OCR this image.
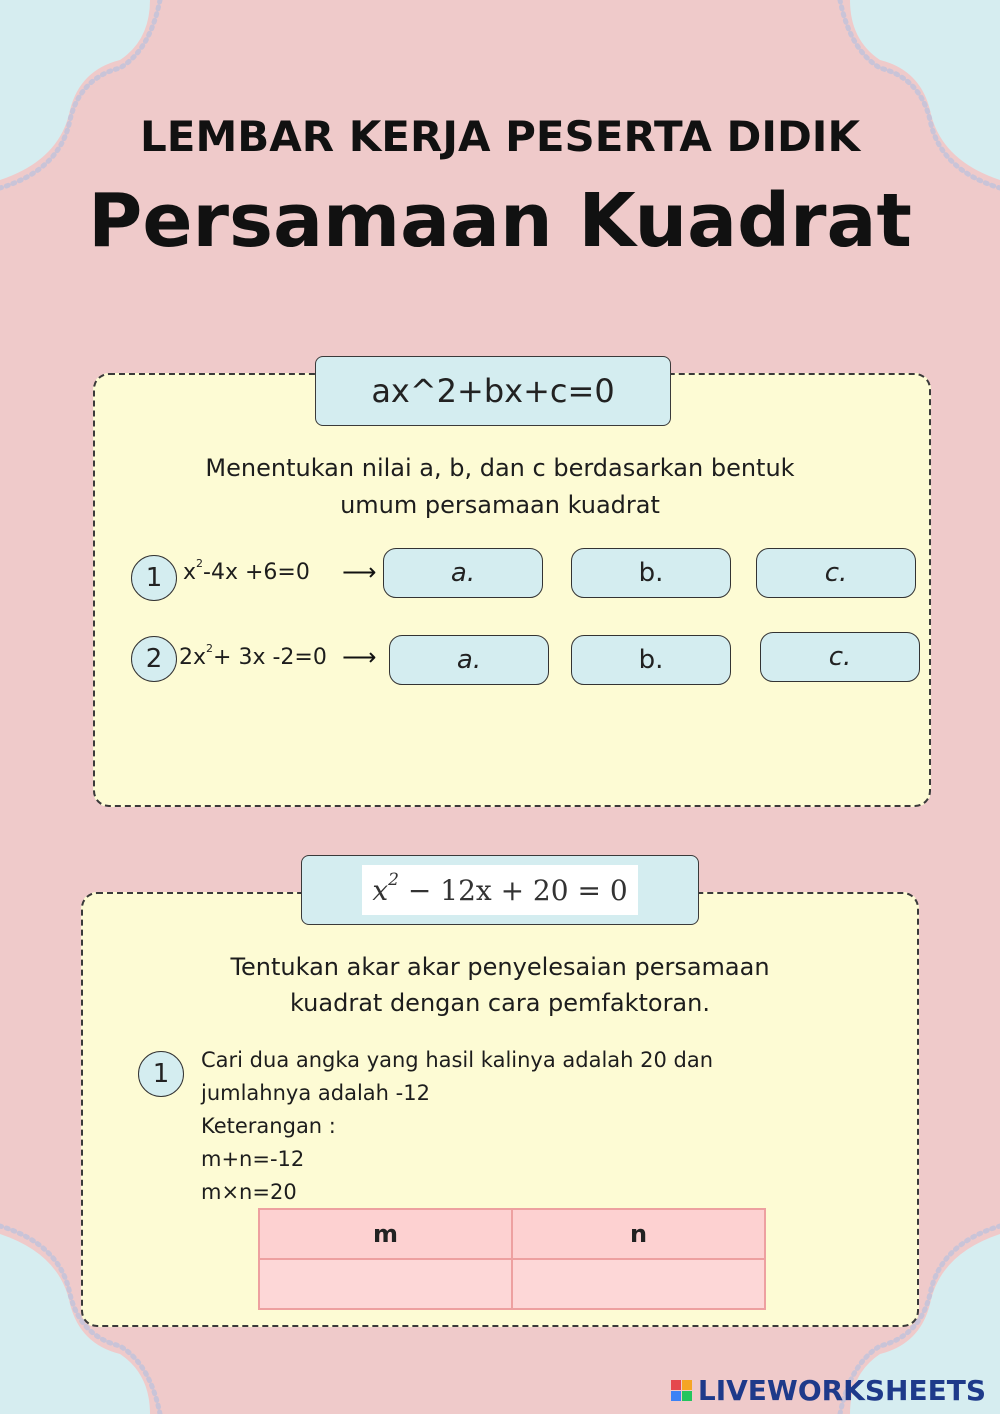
LEMBAR KERJA PESERTA DIDIK
Persamaan Kuadrat
ax^2+bx+c=0
Menentukan nilai a, b, dan c berdasarkan bentuk
umum persamaan kuadrat
1 $x^2-4x +6=0$ ⟶	a.	b.	c.
2 $2x^2+ 3x$ -2=0 ⟶	a.	b.	c.
$x^2$
− 12x + 20 = 0
Tentukan akar akar penyelesaian persamaan
kuadrat dengan cara pemfaktoran.
1	Cari dua angka yang hasil kalinya adalah 20 dan
jumlahnya adalah -12
Keterangan :
m+n=-12
m×n=20
m	n

LIVEWORKSHEETS
